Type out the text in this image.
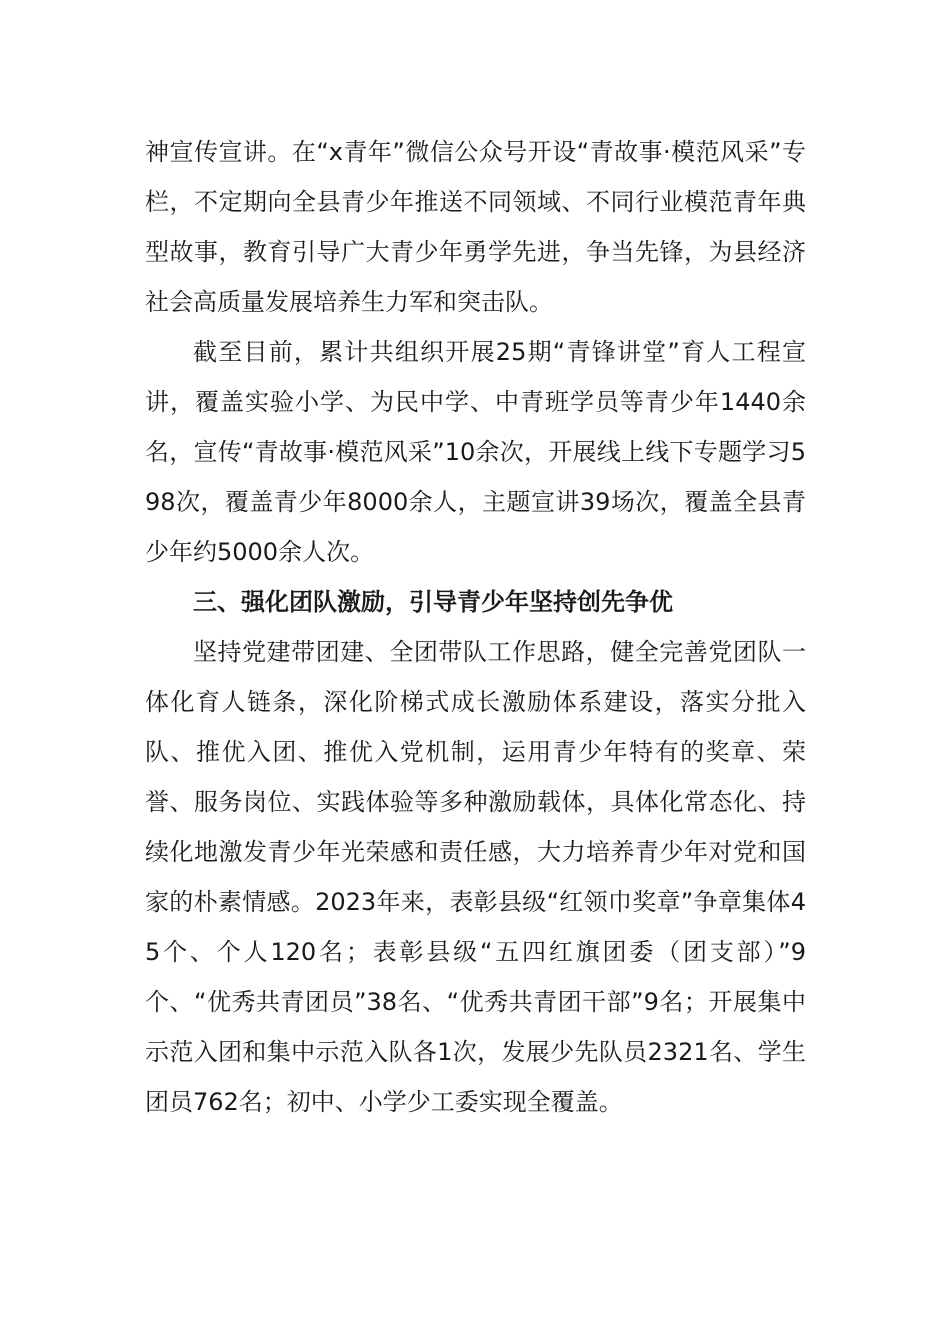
神宣传宣讲。在“x青年”微信公众号开设“青故事·模范风采”专栏，不定期向全县青少年推送不同领域、不同行业模范青年典型故事，教育引导广大青少年勇学先进，争当先锋，为县经济社会高质量发展培养生力军和突击队。

截至目前，累计共组织开展25期“青锋讲堂”育人工程宣讲，覆盖实验小学、为民中学、中青班学员等青少年1440余名，宣传“青故事·模范风采”10余次，开展线上线下专题学习598次，覆盖青少年8000余人，主题宣讲39场次，覆盖全县青少年约5000余人次。

三、强化团队激励，引导青少年坚持创先争优

坚持党建带团建、全团带队工作思路，健全完善党团队一体化育人链条，深化阶梯式成长激励体系建设，落实分批入队、推优入团、推优入党机制，运用青少年特有的奖章、荣誉、服务岗位、实践体验等多种激励载体，具体化常态化、持续化地激发青少年光荣感和责任感，大力培养青少年对党和国家的朴素情感。2023年来，表彰县级“红领巾奖章”争章集体45个、个人120名；表彰县级“五四红旗团委（团支部）”9个、“优秀共青团员”38名、“优秀共青团干部”9名；开展集中示范入团和集中示范入队各1次，发展少先队员2321名、学生团员762名；初中、小学少工委实现全覆盖。
